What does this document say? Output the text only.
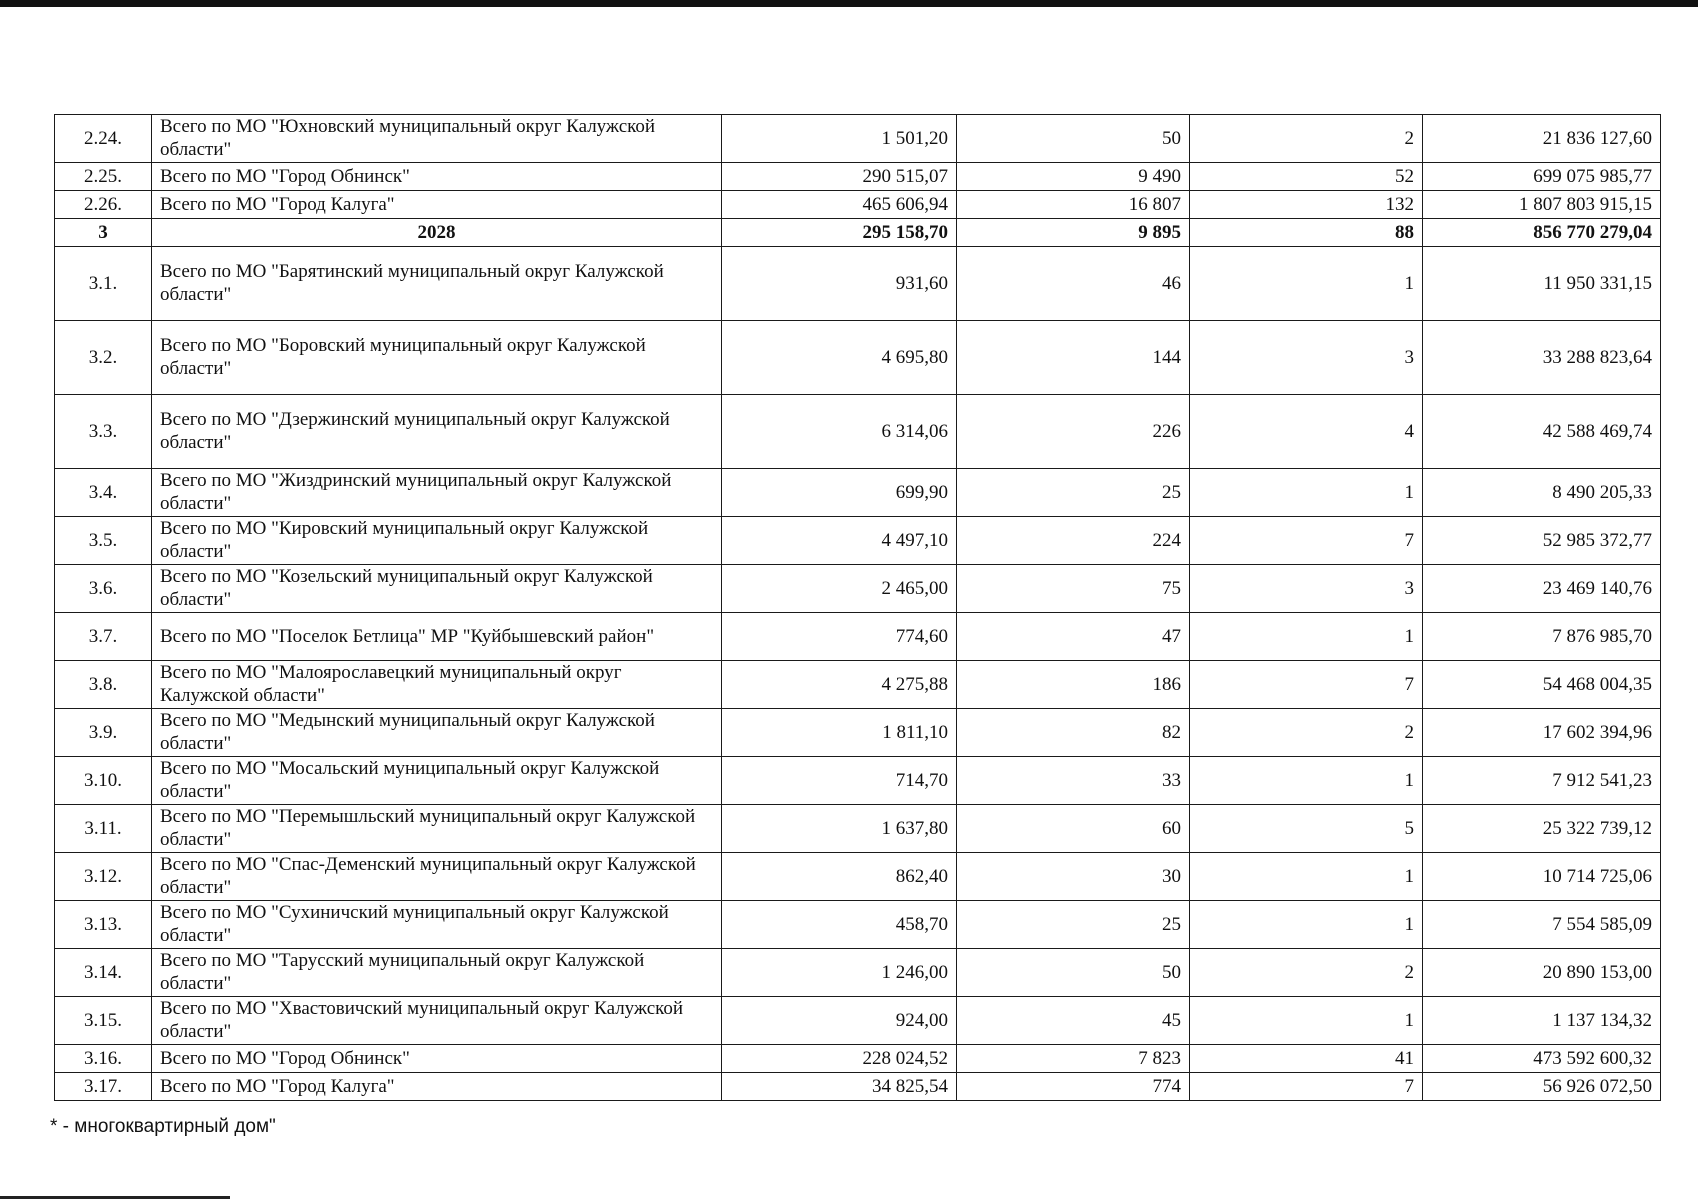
2.24.	Всего по МО "Юхновский муниципальный округ Калужской области"	1 501,20	50	2	21 836 127,60
2.25.	Всего по МО "Город Обнинск"	290 515,07	9 490	52	699 075 985,77
2.26.	Всего по МО "Город Калуга"	465 606,94	16 807	132	1 807 803 915,15
3	2028	295 158,70	9 895	88	856 770 279,04
3.1.	Всего по МО "Барятинский муниципальный округ Калужской области"	931,60	46	1	11 950 331,15
3.2.	Всего по МО "Боровский муниципальный округ Калужской области"	4 695,80	144	3	33 288 823,64
3.3.	Всего по МО "Дзержинский муниципальный округ Калужской области"	6 314,06	226	4	42 588 469,74
3.4.	Всего по МО "Жиздринский муниципальный округ Калужской области"	699,90	25	1	8 490 205,33
3.5.	Всего по МО "Кировский муниципальный округ Калужской области"	4 497,10	224	7	52 985 372,77
3.6.	Всего по МО "Козельский муниципальный округ Калужской области"	2 465,00	75	3	23 469 140,76
3.7.	Всего по МО "Поселок Бетлица" МР "Куйбышевский район"	774,60	47	1	7 876 985,70
3.8.	Всего по МО "Малоярославецкий муниципальный округ Калужской области"	4 275,88	186	7	54 468 004,35
3.9.	Всего по МО "Медынский муниципальный округ Калужской области"	1 811,10	82	2	17 602 394,96
3.10.	Всего по МО "Мосальский муниципальный округ Калужской области"	714,70	33	1	7 912 541,23
3.11.	Всего по МО "Перемышльский муниципальный округ Калужской области"	1 637,80	60	5	25 322 739,12
3.12.	Всего по МО "Спас-Деменский муниципальный округ Калужской области"	862,40	30	1	10 714 725,06
3.13.	Всего по МО "Сухиничский муниципальный округ Калужской области"	458,70	25	1	7 554 585,09
3.14.	Всего по МО "Тарусский муниципальный округ Калужской области"	1 246,00	50	2	20 890 153,00
3.15.	Всего по МО "Хвастовичский муниципальный округ Калужской области"	924,00	45	1	1 137 134,32
3.16.	Всего по МО "Город Обнинск"	228 024,52	7 823	41	473 592 600,32
3.17.	Всего по МО "Город Калуга"	34 825,54	774	7	56 926 072,50
* - многоквартирный дом"
